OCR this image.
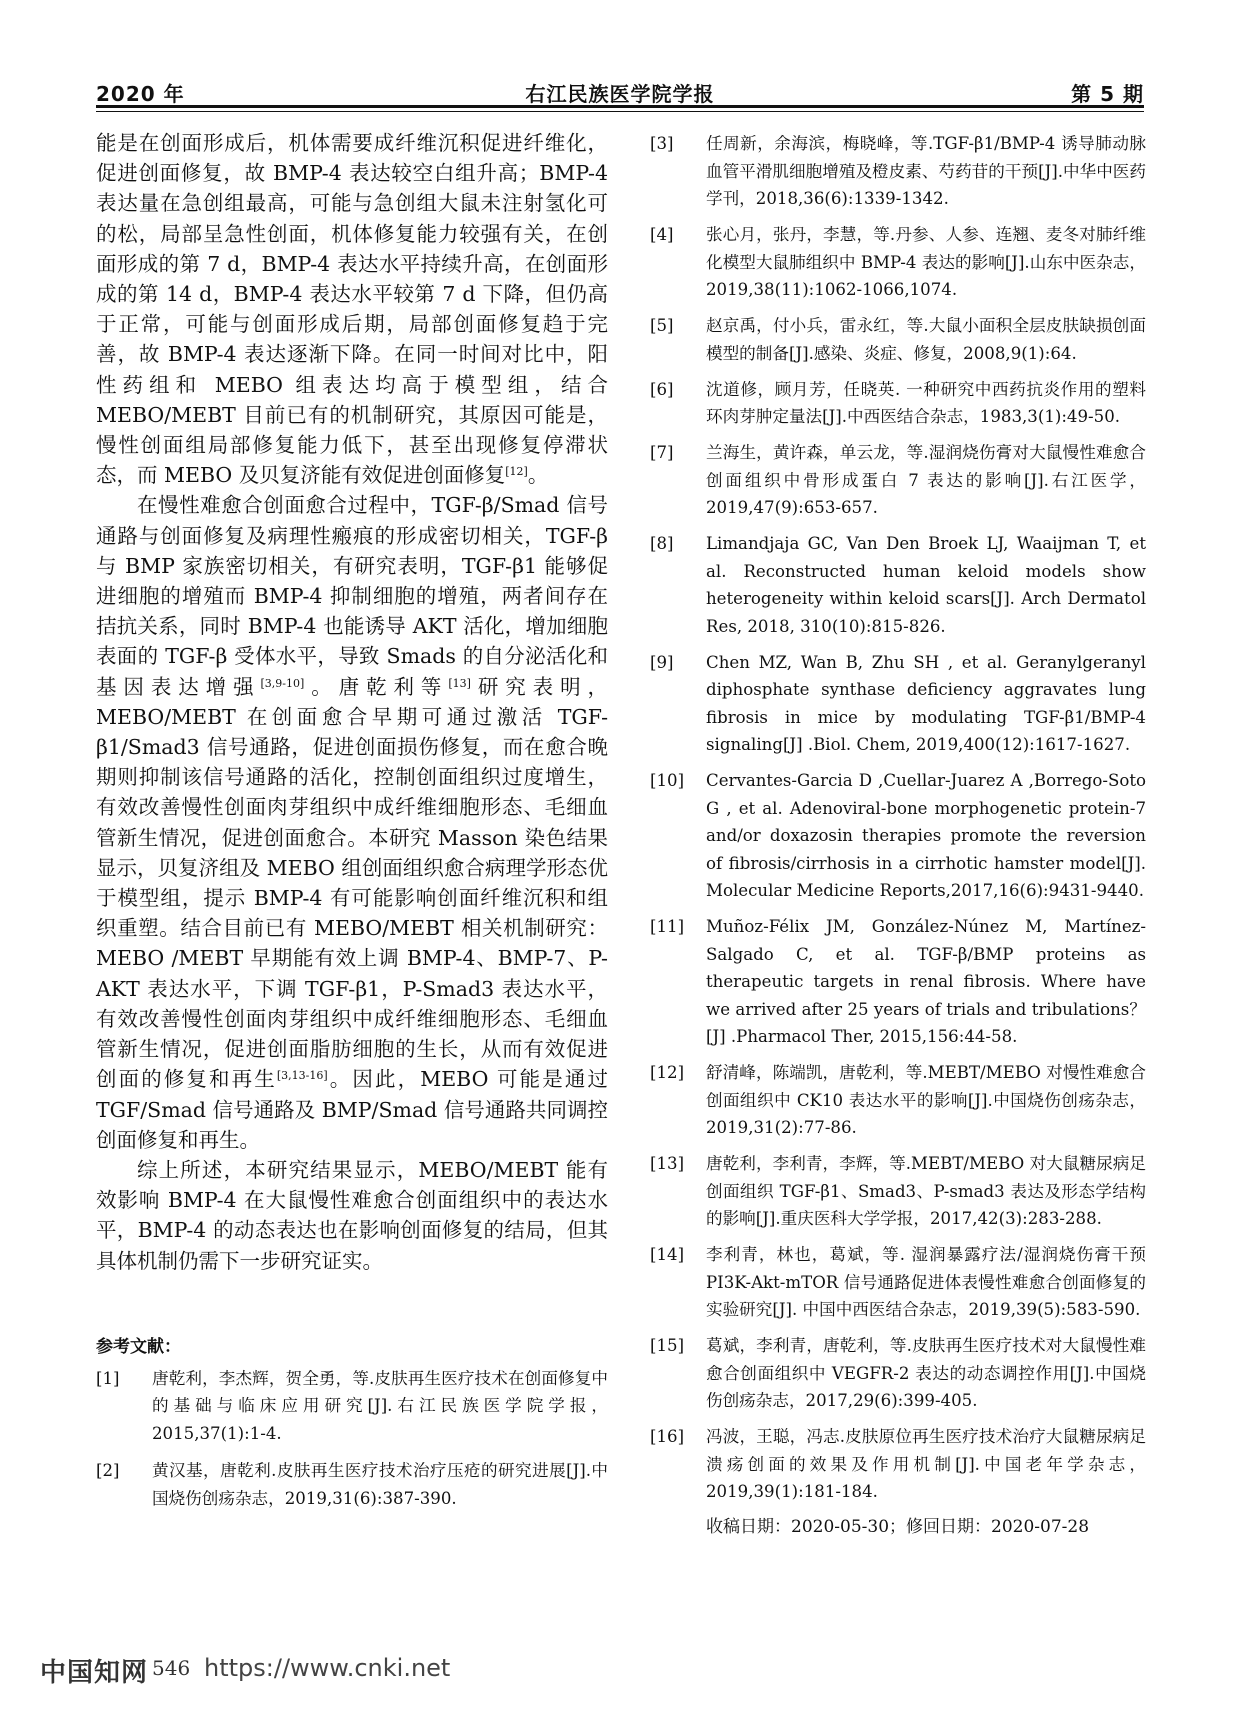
2020 年	右江民族医学院学报	第 5 期

能是在创面形成后，机体需要成纤维沉积促进纤维化，促进创面修复，故 BMP-4 表达较空白组升高；BMP-4 表达量在急创组最高，可能与急创组大鼠未注射氢化可的松，局部呈急性创面，机体修复能力较强有关，在创面形成的第 7 d，BMP-4 表达水平持续升高，在创面形成的第 14 d，BMP-4 表达水平较第 7 d 下降，但仍高于正常，可能与创面形成后期，局部创面修复趋于完善，故 BMP-4 表达逐渐下降。在同一时间对比中，阳性药组和 MEBO 组表达均高于模型组，结合 MEBO/MEBT 目前已有的机制研究，其原因可能是，慢性创面组局部修复能力低下，甚至出现修复停滞状态，而 MEBO 及贝复济能有效促进创面修复[12]。

在慢性难愈合创面愈合过程中，TGF-β/Smad 信号通路与创面修复及病理性瘢痕的形成密切相关，TGF-β 与 BMP 家族密切相关，有研究表明，TGF-β1 能够促进细胞的增殖而 BMP-4 抑制细胞的增殖，两者间存在拮抗关系，同时 BMP-4 也能诱导 AKT 活化，增加细胞表面的 TGF-β 受体水平，导致 Smads 的自分泌活化和基因表达增强[3,9-10]。唐乾利等[13]研究表明，MEBO/MEBT 在创面愈合早期可通过激活 TGF-β1/Smad3 信号通路，促进创面损伤修复，而在愈合晚期则抑制该信号通路的活化，控制创面组织过度增生，有效改善慢性创面肉芽组织中成纤维细胞形态、毛细血管新生情况，促进创面愈合。本研究 Masson 染色结果显示，贝复济组及 MEBO 组创面组织愈合病理学形态优于模型组，提示 BMP-4 有可能影响创面纤维沉积和组织重塑。结合目前已有 MEBO/MEBT 相关机制研究：MEBO /MEBT 早期能有效上调 BMP-4、BMP-7、P-AKT 表达水平，下调 TGF-β1，P-Smad3 表达水平，有效改善慢性创面肉芽组织中成纤维细胞形态、毛细血管新生情况，促进创面脂肪细胞的生长，从而有效促进创面的修复和再生[3,13-16]。因此，MEBO 可能是通过 TGF/Smad 信号通路及 BMP/Smad 信号通路共同调控创面修复和再生。

综上所述，本研究结果显示，MEBO/MEBT 能有效影响 BMP-4 在大鼠慢性难愈合创面组织中的表达水平，BMP-4 的动态表达也在影响创面修复的结局，但其具体机制仍需下一步研究证实。

参考文献：
[1]	唐乾利，李杰辉，贺全勇，等.皮肤再生医疗技术在创面修复中的基础与临床应用研究[J].右江民族医学院学报，2015,37(1):1-4.
[2]	黄汉基，唐乾利.皮肤再生医疗技术治疗压疮的研究进展[J].中国烧伤创疡杂志，2019,31(6):387-390.
[3]	任周新，余海滨，梅晓峰，等.TGF-β1/BMP-4 诱导肺动脉血管平滑肌细胞增殖及橙皮素、芍药苷的干预[J].中华中医药学刊，2018,36(6):1339-1342.
[4]	张心月，张丹，李慧，等.丹参、人参、连翘、麦冬对肺纤维化模型大鼠肺组织中 BMP-4 表达的影响[J].山东中医杂志，2019,38(11):1062-1066,1074.
[5]	赵京禹，付小兵，雷永红，等.大鼠小面积全层皮肤缺损创面模型的制备[J].感染、炎症、修复，2008,9(1):64.
[6]	沈道修，顾月芳，任晓英. 一种研究中西药抗炎作用的塑料环肉芽肿定量法[J].中西医结合杂志，1983,3(1):49-50.
[7]	兰海生，黄许森，单云龙，等.湿润烧伤膏对大鼠慢性难愈合创面组织中骨形成蛋白 7 表达的影响[J].右江医学，2019,47(9):653-657.
[8]	Limandjaja GC, Van Den Broek LJ, Waaijman T, et al. Reconstructed human keloid models show heterogeneity within keloid scars[J]. Arch Dermatol Res, 2018, 310(10):815-826.
[9]	Chen MZ, Wan B, Zhu SH , et al. Geranylgeranyl diphosphate synthase deficiency aggravates lung fibrosis in mice by modulating TGF-β1/BMP-4 signaling[J] .Biol. Chem, 2019,400(12):1617-1627.
[10]	Cervantes-Garcia D ,Cuellar-Juarez A ,Borrego-Soto G , et al. Adenoviral-bone morphogenetic protein-7 and/or doxazosin therapies promote the reversion of fibrosis/cirrhosis in a cirrhotic hamster model[J]. Molecular Medicine Reports,2017,16(6):9431-9440.
[11]	Muñoz-Félix JM, González-Núnez M, Martínez-Salgado C, et al. TGF-β/BMP proteins as therapeutic targets in renal fibrosis. Where have we arrived after 25 years of trials and tribulations？[J] .Pharmacol Ther, 2015,156:44-58.
[12]	舒清峰，陈端凯，唐乾利，等.MEBT/MEBO 对慢性难愈合创面组织中 CK10 表达水平的影响[J].中国烧伤创疡杂志，2019,31(2):77-86.
[13]	唐乾利，李利青，李辉，等.MEBT/MEBO 对大鼠糖尿病足创面组织 TGF-β1、Smad3、P-smad3 表达及形态学结构的影响[J].重庆医科大学学报，2017,42(3):283-288.
[14]	李利青，林也，葛斌，等. 湿润暴露疗法/湿润烧伤膏干预 PI3K-Akt-mTOR 信号通路促进体表慢性难愈合创面修复的实验研究[J]. 中国中西医结合杂志，2019,39(5):583-590.
[15]	葛斌，李利青，唐乾利，等.皮肤再生医疗技术对大鼠慢性难愈合创面组织中 VEGFR-2 表达的动态调控作用[J].中国烧伤创疡杂志，2017,29(6):399-405.
[16]	冯波，王聪，冯志.皮肤原位再生医疗技术治疗大鼠糖尿病足溃疡创面的效果及作用机制[J].中国老年学杂志，2019,39(1):181-184.
收稿日期：2020-05-30；修回日期：2020-07-28
中国知网 546 https://www.cnki.net
